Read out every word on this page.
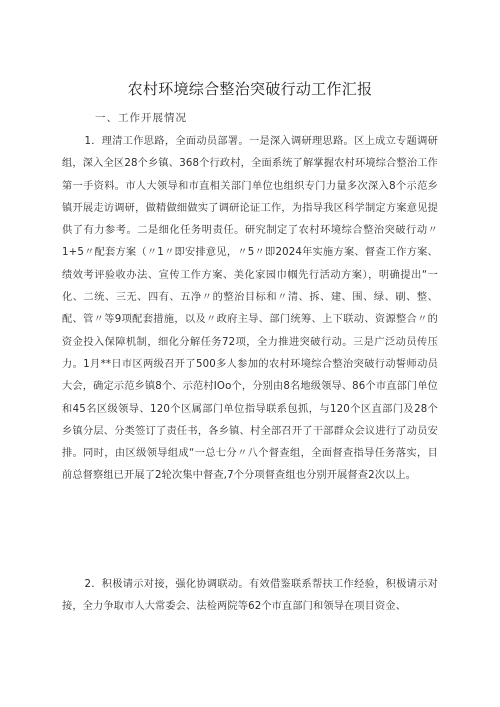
农村环境综合整治突破行动工作汇报
一、工作开展情况

1．理清工作思路，全面动员部署。一是深入调研理思路。区上成立专题调研组，深入全区28个乡镇、368个行政村，全面系统了解掌握农村环境综合整治工作第一手资料。市人大领导和市直相关部门单位也组织专门力量多次深入8个示范乡镇开展走访调研，做精做细做实了调研论证工作，为指导我区科学制定方案意见提供了有力参考。二是细化任务明责任。研究制定了农村环境综合整治突破行动〃1+5〃配套方案（〃1〃即安排意见，〃5〃即2024年实施方案、督查工作方案、绩效考评验收办法、宣传工作方案、美化家园巾帼先行活动方案），明确提出“一化、二统、三无、四有、五净〃的整治目标和〃清、拆、建、围、绿、刷、整、配、管〃等9项配套措施，以及〃政府主导、部门统筹、上下联动、资源整合〃的资金投入保障机制，细化分解任务72项，全力推进突破行动。三是广泛动员传压力。1月**日市区两级召开了500多人参加的农村环境综合整治突破行动誓师动员大会，确定示范乡镇8个、示范村IOo个，分别由8名地级领导、86个市直部门单位和45名区级领导、120个区属部门单位指导联系包抓，与120个区直部门及28个乡镇分层、分类签订了责任书，各乡镇、村全部召开了干部群众会议进行了动员安排。同时，由区级领导组成“一总七分〃八个督查组，全面督查指导任务落实，目前总督察组已开展了2轮次集中督查,7个分项督查组也分别开展督查2次以上。

2．积极请示对接，强化协调联动。有效借鉴联系帮扶工作经验，积极请示对接，全力争取市人大常委会、法检两院等62个市直部门和领导在项目资金、
